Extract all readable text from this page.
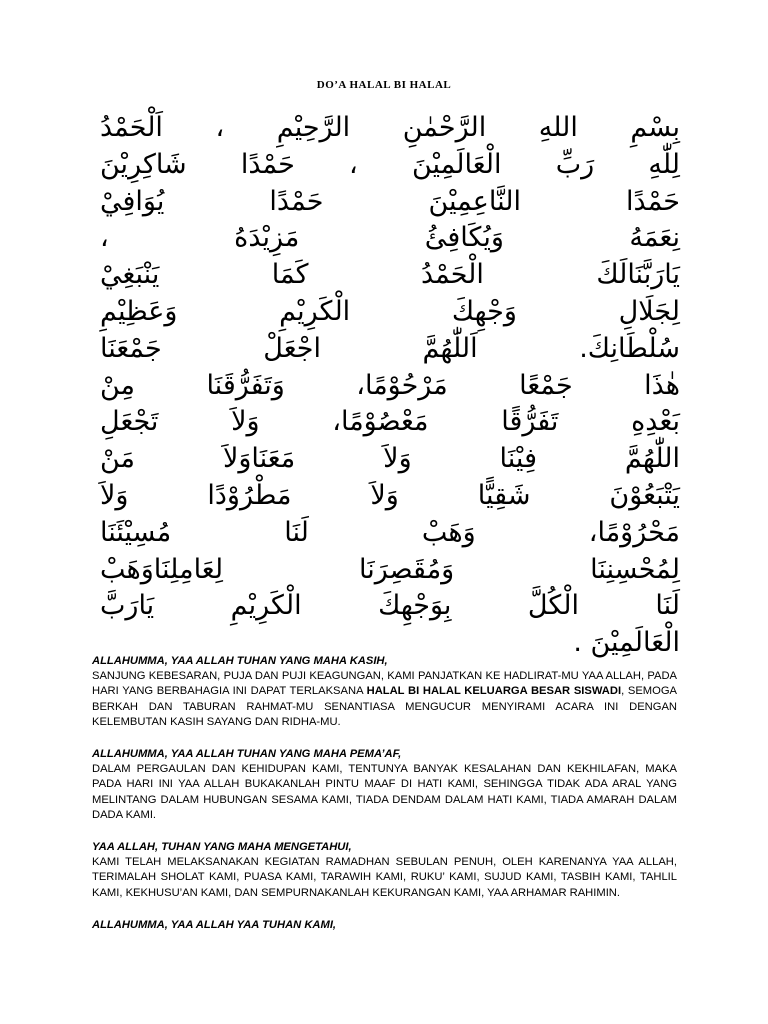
DO’A HALAL BI HALAL
بِسْمِ اللهِ الرَّحْمٰنِ الرَّحِيْمِ ، اَلْحَمْدُ
لِلّٰهِ رَبِّ الْعَالَمِيْنَ ، حَمْدًا شَاكِرِيْنَ
حَمْدًا النَّاعِمِيْنَ حَمْدًا يُوَافِيْ
نِعَمَهُ وَيُكَافِئُ مَزِيْدَهُ ،
يَارَبَّنَالَكَ الْحَمْدُ كَمَا يَنْبَغِيْ
لِجَلَالِ وَجْهِكَ الْكَرِيْمِ وَعَظِيْمِ
سُلْطَانِكَ. اَللّٰهُمَّ اجْعَلْ جَمْعَنَا
هٰذَا جَمْعًا مَرْحُوْمًا، وَتَفَرُّقَنَا مِنْ
بَعْدِهِ تَفَرُّقًا مَعْصُوْمًا، وَلاَ تَجْعَلِ
اللّٰهُمَّ فِيْنَا وَلاَ مَعَنَاوَلاَ مَنْ
يَتْبَعُوْنَ شَقِيًّا وَلاَ مَطْرُوْدًا وَلاَ
مَحْرُوْمًا، وَهَبْ لَنَا مُسِيْئَنَا
لِمُحْسِنِنَا وَمُقَصِرَنَا لِعَامِلِنَاوَهَبْ
لَنَا الْكُلَّ بِوَجْهِكَ الْكَرِيْمِ يَارَبَّ
الْعَالَمِيْنَ .
ALLAHUMMA, YAA ALLAH TUHAN YANG MAHA KASIH,
SANJUNG KEBESARAN, PUJA DAN PUJI KEAGUNGAN, KAMI PANJATKAN KE HADLIRAT-MU YAA ALLAH, PADA HARI YANG BERBAHAGIA INI DAPAT TERLAKSANA HALAL BI HALAL KELUARGA BESAR SISWADI, SEMOGA BERKAH DAN TABURAN RAHMAT-MU SENANTIASA MENGUCUR MENYIRAMI ACARA INI DENGAN KELEMBUTAN KASIH SAYANG DAN RIDHA-MU.
ALLAHUMMA, YAA ALLAH TUHAN YANG MAHA PEMA’AF,
DALAM PERGAULAN DAN KEHIDUPAN KAMI, TENTUNYA BANYAK KESALAHAN DAN KEKHILAFAN, MAKA PADA HARI INI YAA ALLAH BUKAKANLAH PINTU MAAF DI HATI KAMI, SEHINGGA TIDAK ADA ARAL YANG MELINTANG DALAM HUBUNGAN SESAMA KAMI, TIADA DENDAM DALAM HATI KAMI, TIADA AMARAH DALAM DADA KAMI.
YAA ALLAH, TUHAN YANG MAHA MENGETAHUI,
KAMI TELAH MELAKSANAKAN KEGIATAN RAMADHAN SEBULAN PENUH, OLEH KARENANYA YAA ALLAH, TERIMALAH SHOLAT KAMI, PUASA KAMI, TARAWIH KAMI, RUKU’ KAMI, SUJUD KAMI, TASBIH KAMI, TAHLIL KAMI, KEKHUSU’AN KAMI, DAN SEMPURNAKANLAH KEKURANGAN KAMI, YAA ARHAMAR RAHIMIN.
ALLAHUMMA, YAA ALLAH YAA TUHAN KAMI,
